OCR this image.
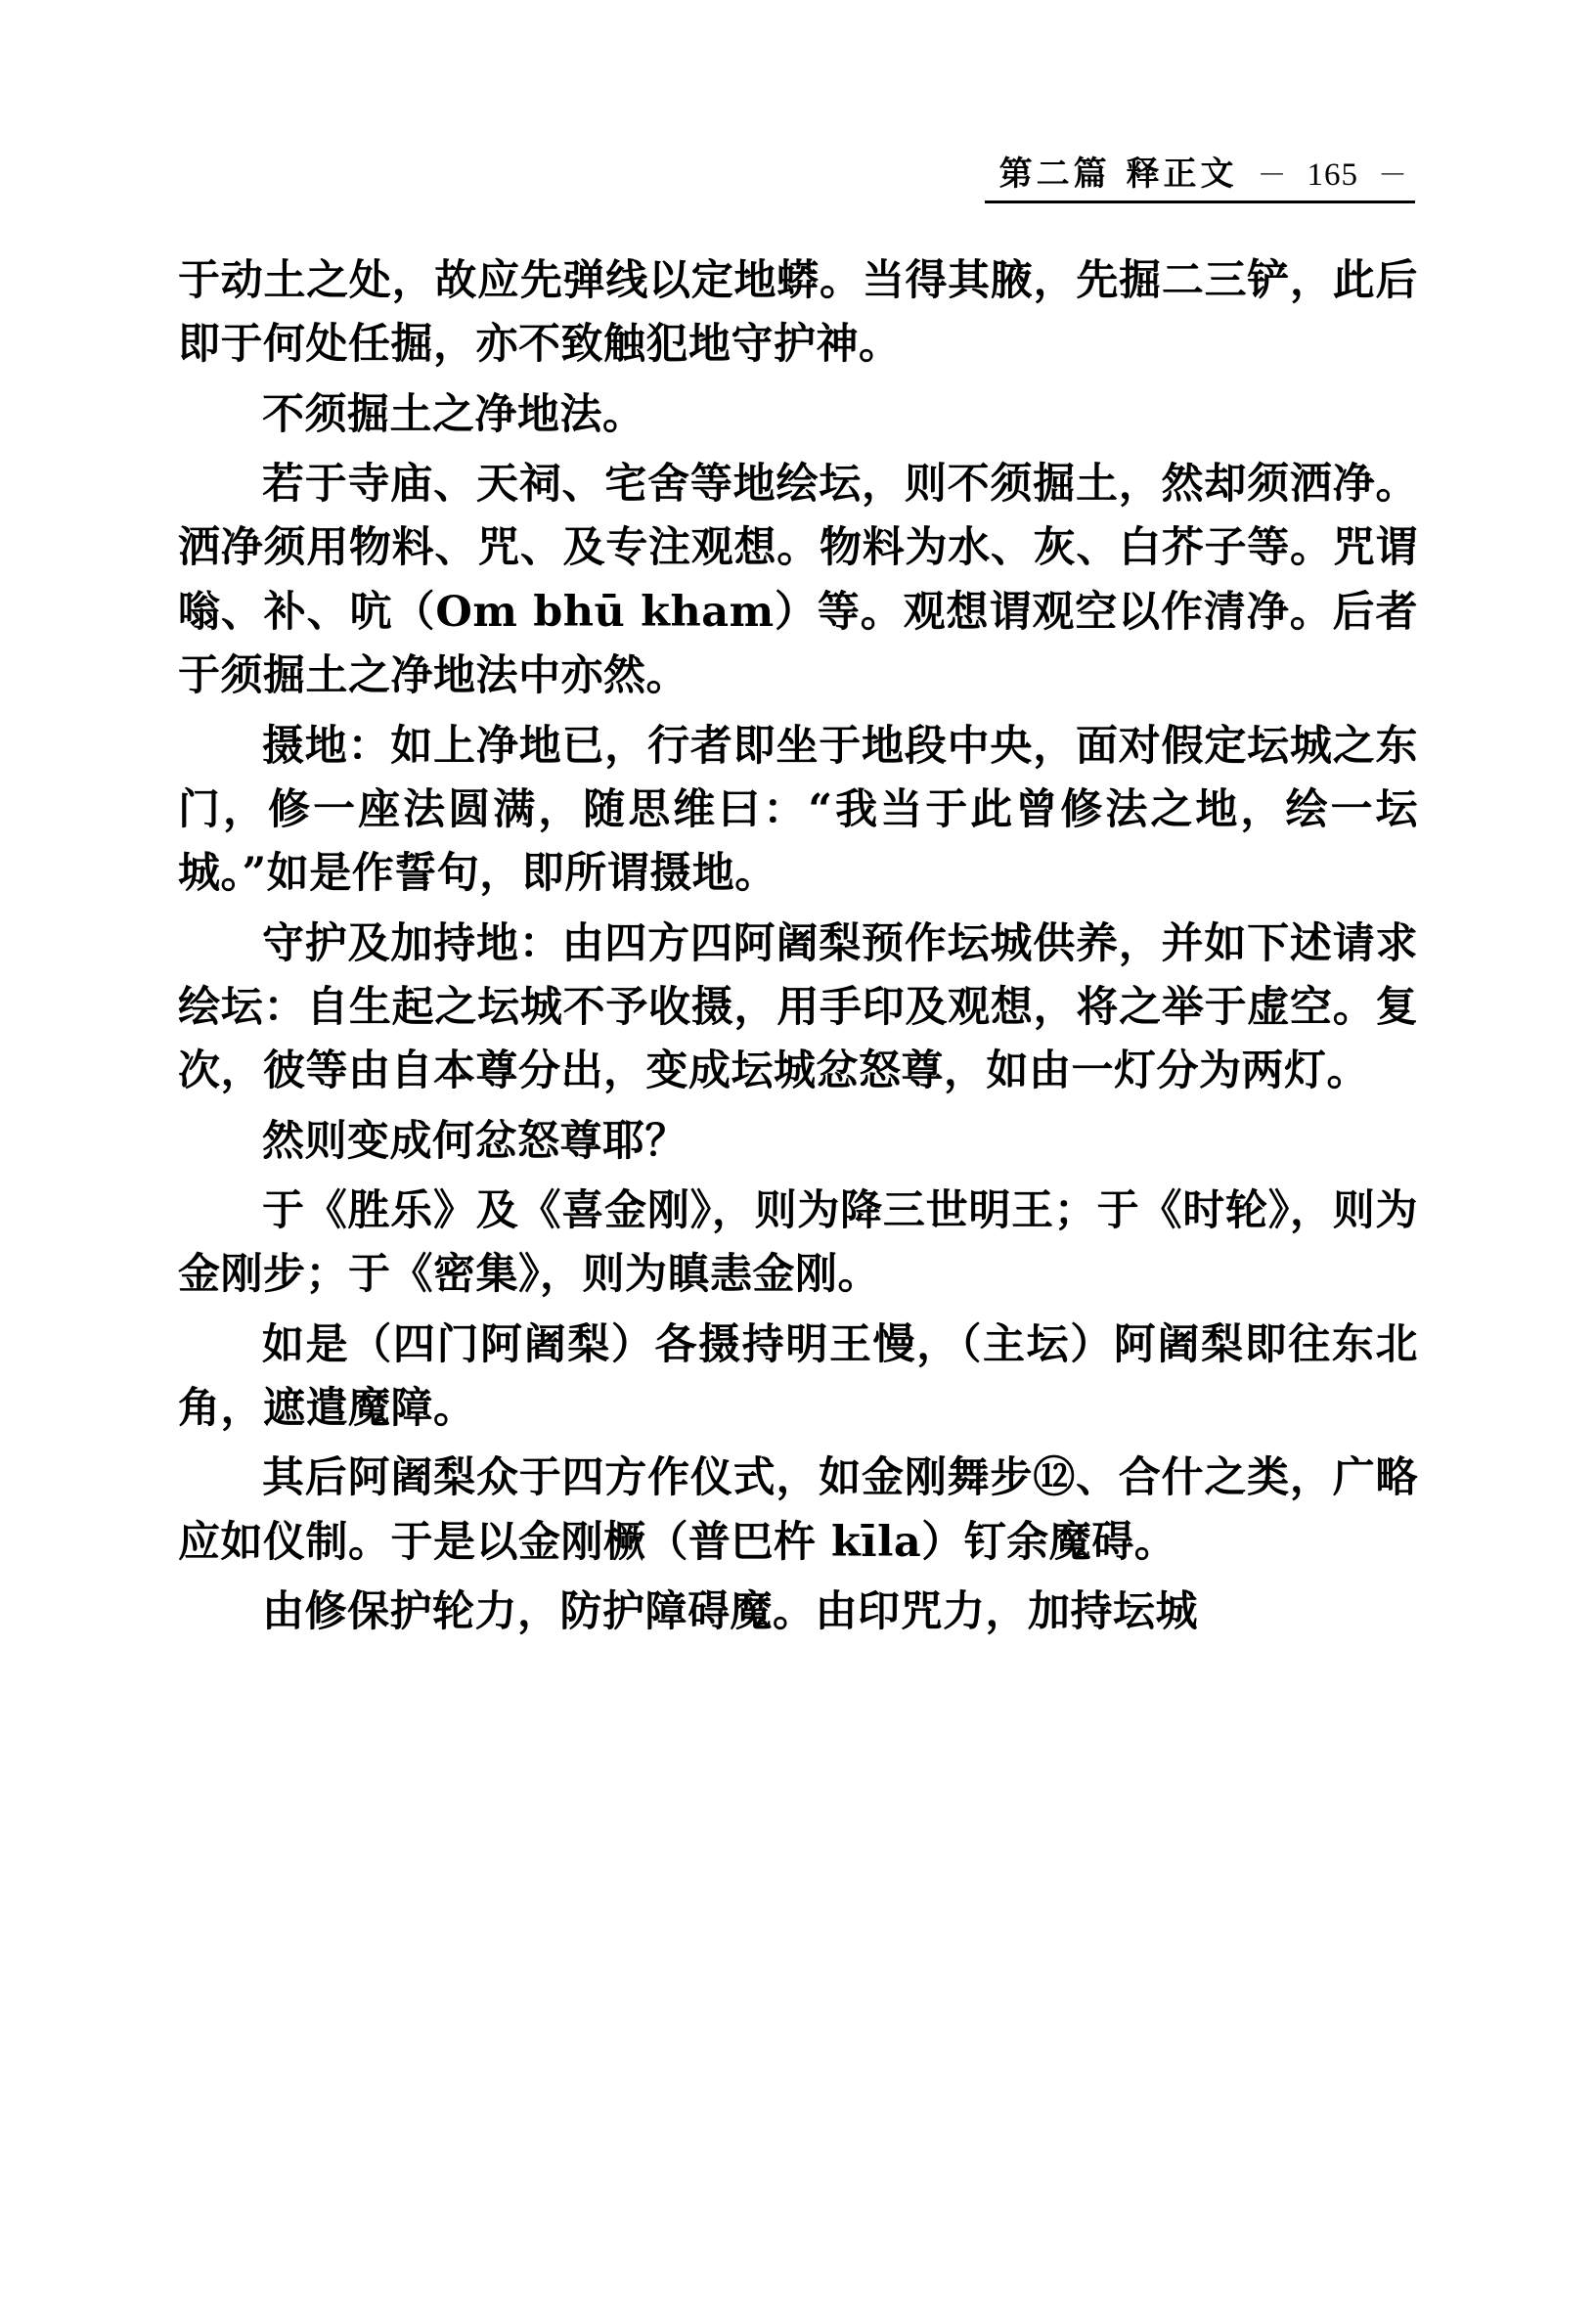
第二篇 释正文 － 165 －

于动土之处，故应先弹线以定地蟒。当得其腋，先掘二三铲，此后即于何处任掘，亦不致触犯地守护神。

不须掘土之净地法。

若于寺庙、天祠、宅舍等地绘坛，则不须掘土，然却须洒净。洒净须用物料、咒、及专注观想。物料为水、灰、白芥子等。咒谓嗡、补、吭（Om bhū kham）等。观想谓观空以作清净。后者于须掘土之净地法中亦然。

摄地：如上净地已，行者即坐于地段中央，面对假定坛城之东门，修一座法圆满，随思维曰：“我当于此曾修法之地，绘一坛城。”如是作誓句，即所谓摄地。

守护及加持地：由四方四阿阇梨预作坛城供养，并如下述请求绘坛：自生起之坛城不予收摄，用手印及观想，将之举于虚空。复次，彼等由自本尊分出，变成坛城忿怒尊，如由一灯分为两灯。

然则变成何忿怒尊耶？

于《胜乐》及《喜金刚》，则为降三世明王；于《时轮》，则为金刚步；于《密集》，则为瞋恚金刚。

如是（四门阿阇梨）各摄持明王慢，（主坛）阿阇梨即往东北角，遮遣魔障。

其后阿阇梨众于四方作仪式，如金刚舞步⑫、合什之类，广略应如仪制。于是以金刚橛（普巴杵 kīla）钉余魔碍。

由修保护轮力，防护障碍魔。由印咒力，加持坛城
